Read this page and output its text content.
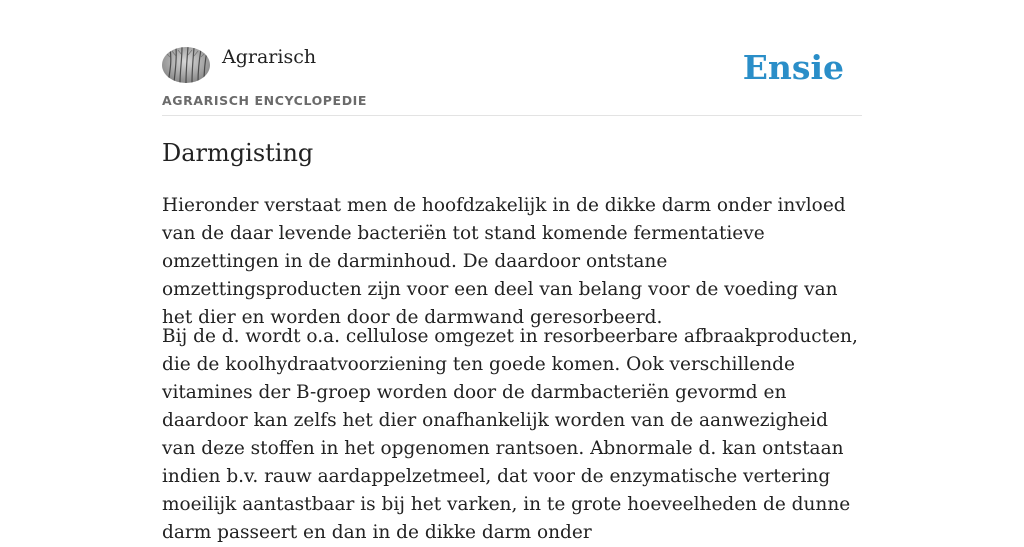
Agrarisch
AGRARISCH ENCYCLOPEDIE
Ensie
Darmgisting

Hieronder verstaat men de hoofdzakelijk in de dikke darm onder invloed van de daar levende bacteriën tot stand komende fermentatieve omzettingen in de darminhoud. De daardoor ontstane omzettingsproducten zijn voor een deel van belang voor de voeding van het dier en worden door de darmwand geresorbeerd.

Bij de d. wordt o.a. cellulose omgezet in resorbeerbare afbraakproducten, die de koolhydraatvoorziening ten goede komen. Ook verschillende vitamines der B-groep worden door de darmbacteriën gevormd en daardoor kan zelfs het dier onafhankelijk worden van de aanwezigheid van deze stoffen in het opgenomen rantsoen. Abnormale d. kan ontstaan indien b.v. rauw aardappelzetmeel, dat voor de enzymatische vertering moeilijk aantastbaar is bij het varken, in te grote hoeveelheden de dunne darm passeert en dan in de dikke darm onder
